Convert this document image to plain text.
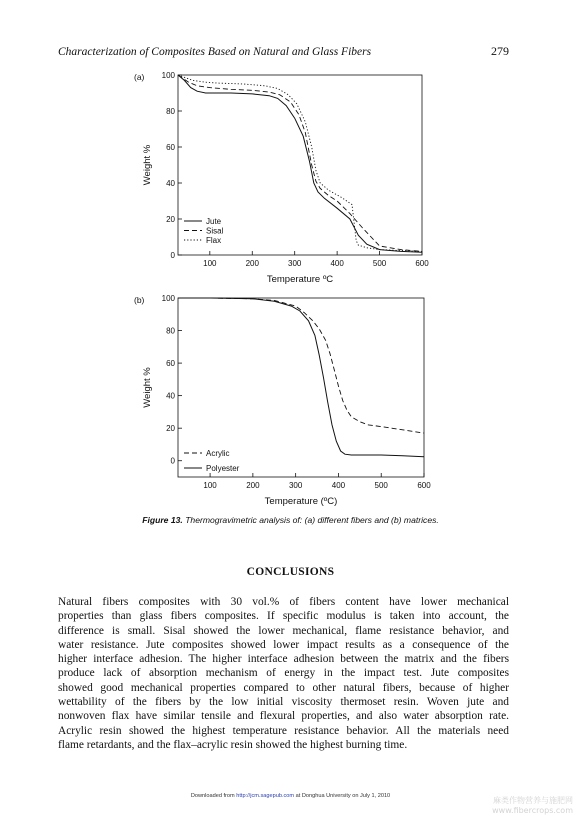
Characterization of Composites Based on Natural and Glass Fibers	279
(a)
100	200	300	400	500	600
0
20
40
60
80
100
Temperature ºC
Weight %
Jute
Sisal
Flax
(b)
100	200	300	400	500	600
0
20
40
60
80
100
Temperature (ºC)
Weight %
Acrylic
Polyester
Figure 13. Thermogravimetric analysis of: (a) different fibers and (b) matrices.
CONCLUSIONS
Natural fibers composites with 30 vol.% of fibers content have lower mechanical
properties than glass fibers composites. If specific modulus is taken into account, the
difference is small. Sisal showed the lower mechanical, flame resistance behavior, and
water resistance. Jute composites showed lower impact results as a consequence of the
higher interface adhesion. The higher interface adhesion between the matrix and the fibers
produce lack of absorption mechanism of energy in the impact test. Jute composites
showed good mechanical properties compared to other natural fibers, because of higher
wettability of the fibers by the low initial viscosity thermoset resin. Woven jute and
nonwoven flax have similar tensile and flexural properties, and also water absorption rate.
Acrylic resin showed the highest temperature resistance behavior. All the materials need
flame retardants, and the flax–acrylic resin showed the highest burning time.
Downloaded from http://jcm.sagepub.com at Donghua University on July 1, 2010	麻类作物营养与施肥网
www.fibercrops.com
